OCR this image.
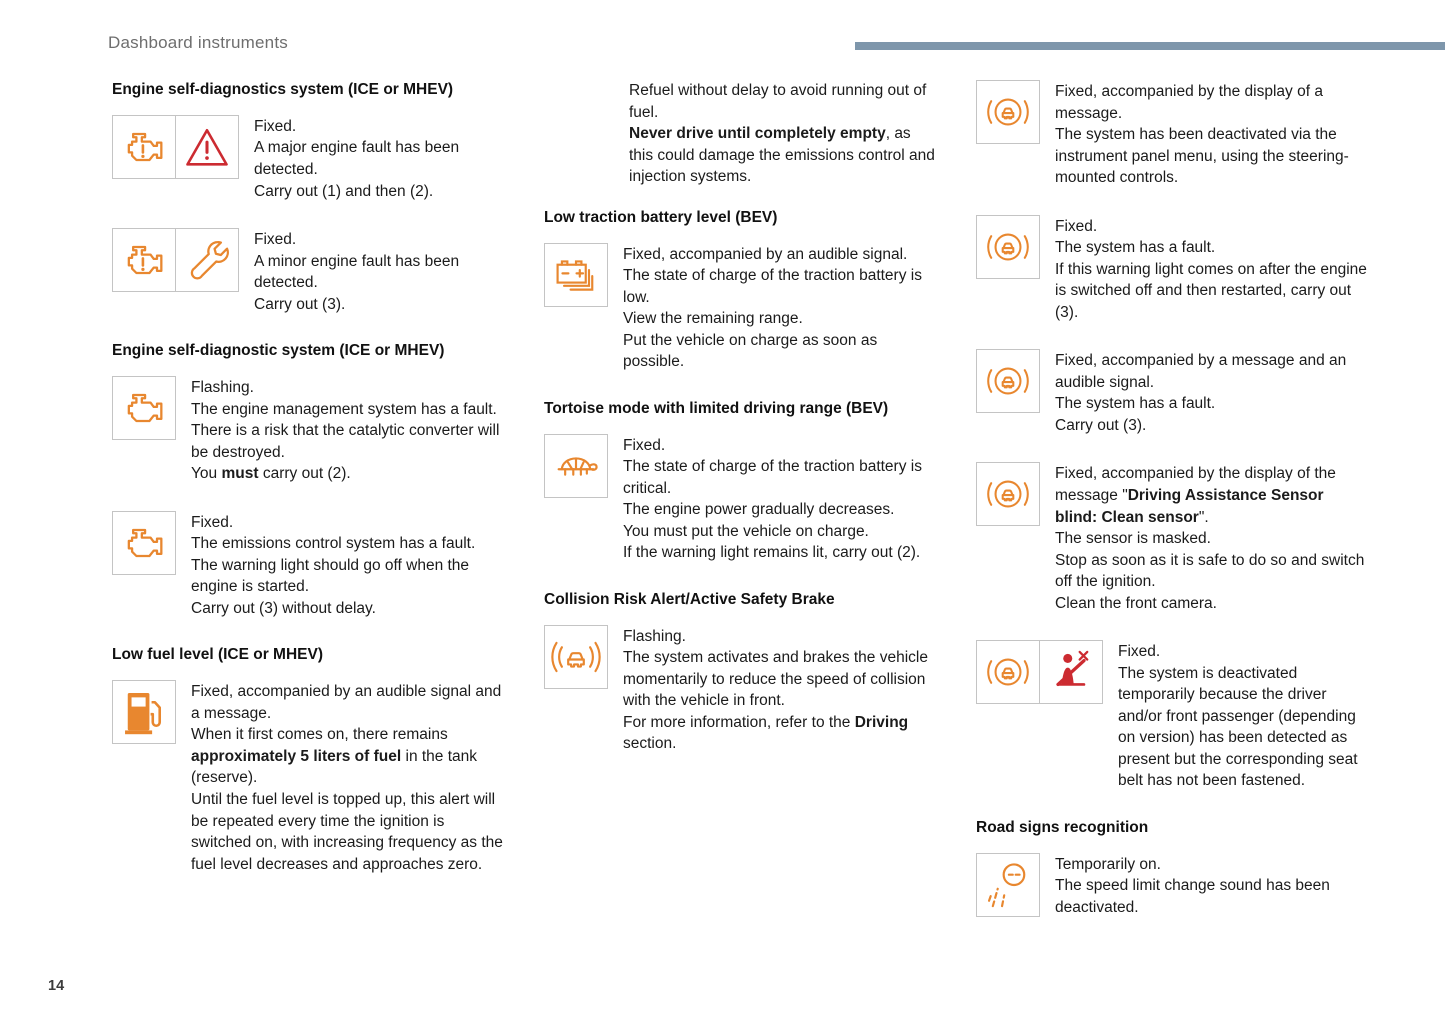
Dashboard instruments
Engine self-diagnostics system (ICE or MHEV)
Fixed.
A major engine fault has been detected.
Carry out (1) and then (2).
Fixed.
A minor engine fault has been detected.
Carry out (3).
Engine self-diagnostic system (ICE or MHEV)
Flashing.
The engine management system has a fault.
There is a risk that the catalytic converter will be destroyed.
You must carry out (2).
Fixed.
The emissions control system has a fault.
The warning light should go off when the engine is started.
Carry out (3) without delay.
Low fuel level (ICE or MHEV)
Fixed, accompanied by an audible signal and a message.
When it first comes on, there remains approximately 5 liters of fuel in the tank (reserve).
Until the fuel level is topped up, this alert will be repeated every time the ignition is switched on, with increasing frequency as the fuel level decreases and approaches zero.
Refuel without delay to avoid running out of fuel.
Never drive until completely empty, as this could damage the emissions control and injection systems.
Low traction battery level (BEV)
Fixed, accompanied by an audible signal.
The state of charge of the traction battery is low.
View the remaining range.
Put the vehicle on charge as soon as possible.
Tortoise mode with limited driving range (BEV)
Fixed.
The state of charge of the traction battery is critical.
The engine power gradually decreases.
You must put the vehicle on charge.
If the warning light remains lit, carry out (2).
Collision Risk Alert/Active Safety Brake
Flashing.
The system activates and brakes the vehicle momentarily to reduce the speed of collision with the vehicle in front.
For more information, refer to the Driving section.
Fixed, accompanied by the display of a message.
The system has been deactivated via the instrument panel menu, using the steering-mounted controls.
Fixed.
The system has a fault.
If this warning light comes on after the engine is switched off and then restarted, carry out (3).
Fixed, accompanied by a message and an audible signal.
The system has a fault.
Carry out (3).
Fixed, accompanied by the display of the message "Driving Assistance Sensor blind: Clean sensor".
The sensor is masked.
Stop as soon as it is safe to do so and switch off the ignition.
Clean the front camera.
Fixed.
The system is deactivated temporarily because the driver and/or front passenger (depending on version) has been detected as present but the corresponding seat belt has not been fastened.
Road signs recognition
Temporarily on.
The speed limit change sound has been deactivated.
14
